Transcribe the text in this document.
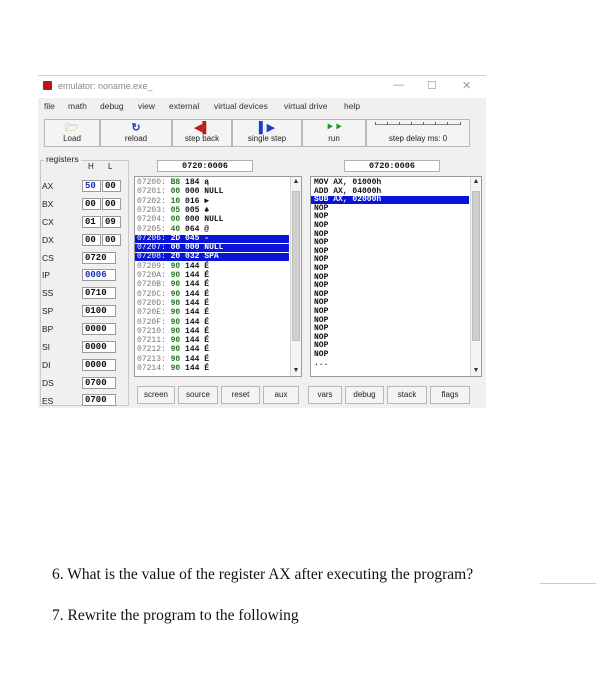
emulator: noname.exe_	— ☐ ✕
file math debug view external virtual devices virtual drive help
🗁
Load
↻
reload
◀▌
step back
▌▶
single step
⯈⯈
run	step delay ms: 0
registers
H L
AX	50	00
BX	00	00
CX	01	09
DX	00	00
CS	0720
IP	0006
SS	0710
SP	0100
BP	0000
SI	0000
DI	0000
DS	0700
ES	0700
0720:0006
07200: B8 184 ą
07201: 00 000 NULL
07202: 10 016 ►
07203: 05 005 ♣
07204: 00 000 NULL
07205: 40 064 @
07206: 2D 045 -
07207: 00 000 NULL
07208: 20 032 SPA
07209: 90 144 É
0720A: 90 144 É
0720B: 90 144 É
0720C: 90 144 É
0720D: 90 144 É
0720E: 90 144 É
0720F: 90 144 É
07210: 90 144 É
07211: 90 144 É
07212: 90 144 É
07213: 90 144 É
07214: 90 144 É
▲
▼
0720:0006
MOV AX, 01000h
ADD AX, 04000h
SUB AX, 02000h
NOP
NOP
NOP
NOP
NOP
NOP
NOP
NOP
NOP
NOP
NOP
NOP
NOP
NOP
NOP
NOP
NOP
NOP
...
▲
▼
screen	source	reset	aux	vars	debug	stack	flags
6. What is the value of the register AX after executing the program?
7. Rewrite the program to the following
